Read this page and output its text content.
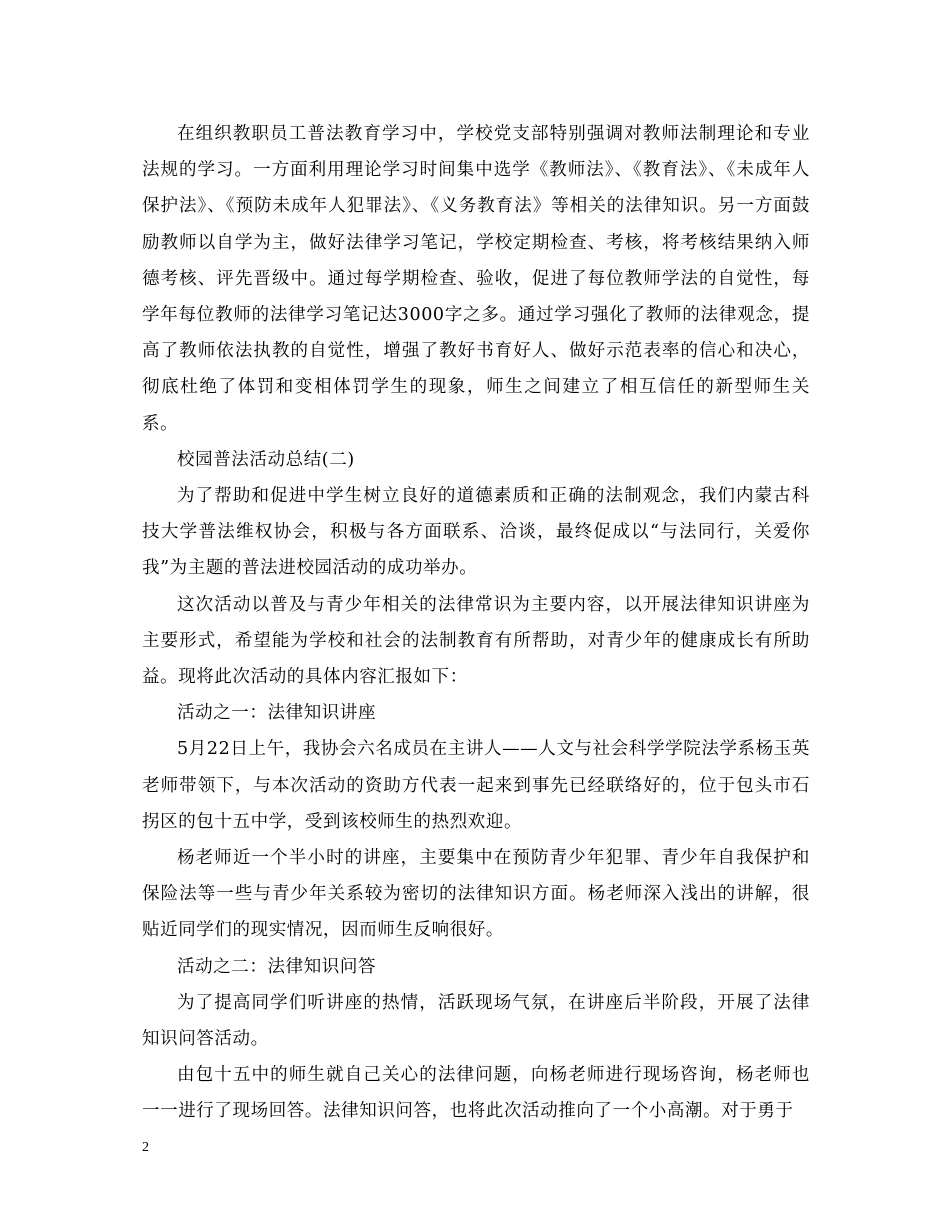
在组织教职员工普法教育学习中，学校党支部特别强调对教师法制理论和专业法规的学习。一方面利用理论学习时间集中选学《教师法》、《教育法》、《未成年人保护法》、《预防未成年人犯罪法》、《义务教育法》等相关的法律知识。另一方面鼓励教师以自学为主，做好法律学习笔记，学校定期检查、考核，将考核结果纳入师德考核、评先晋级中。通过每学期检查、验收，促进了每位教师学法的自觉性，每学年每位教师的法律学习笔记达3000字之多。通过学习强化了教师的法律观念，提高了教师依法执教的自觉性，增强了教好书育好人、做好示范表率的信心和决心，彻底杜绝了体罚和变相体罚学生的现象，师生之间建立了相互信任的新型师生关系。

校园普法活动总结(二)

为了帮助和促进中学生树立良好的道德素质和正确的法制观念，我们内蒙古科技大学普法维权协会，积极与各方面联系、洽谈，最终促成以“与法同行，关爱你我”为主题的普法进校园活动的成功举办。

这次活动以普及与青少年相关的法律常识为主要内容，以开展法律知识讲座为主要形式，希望能为学校和社会的法制教育有所帮助，对青少年的健康成长有所助益。现将此次活动的具体内容汇报如下：

活动之一：法律知识讲座

5月22日上午，我协会六名成员在主讲人——人文与社会科学学院法学系杨玉英老师带领下，与本次活动的资助方代表一起来到事先已经联络好的，位于包头市石拐区的包十五中学，受到该校师生的热烈欢迎。

杨老师近一个半小时的讲座，主要集中在预防青少年犯罪、青少年自我保护和保险法等一些与青少年关系较为密切的法律知识方面。杨老师深入浅出的讲解，很贴近同学们的现实情况，因而师生反响很好。

活动之二：法律知识问答

为了提高同学们听讲座的热情，活跃现场气氛，在讲座后半阶段，开展了法律知识问答活动。

由包十五中的师生就自己关心的法律问题，向杨老师进行现场咨询，杨老师也一一进行了现场回答。法律知识问答，也将此次活动推向了一个小高潮。对于勇于

2
